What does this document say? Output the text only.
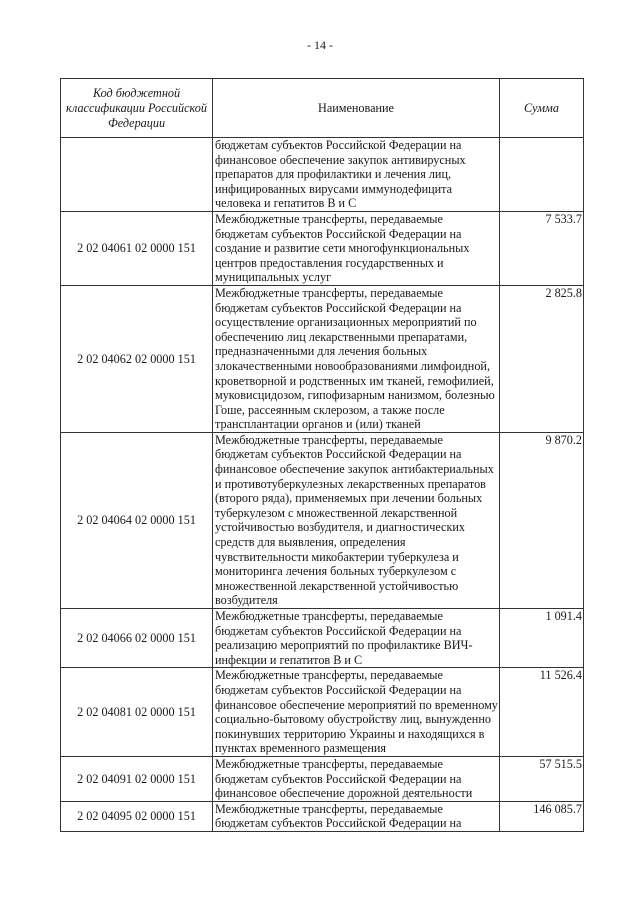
- 14 -
Код бюджетной классификации Российской Федерации	Наименование	Сумма
	бюджетам субъектов Российской Федерации на финансовое обеспечение закупок антивирусных препаратов для профилактики и лечения лиц, инфицированных вирусами иммунодефицита человека и гепатитов В и С	
2 02 04061 02 0000 151	Межбюджетные трансферты, передаваемые бюджетам субъектов Российской Федерации на создание и развитие сети многофункциональных центров предоставления государственных и муниципальных услуг	7 533.7
2 02 04062 02 0000 151	Межбюджетные трансферты, передаваемые бюджетам субъектов Российской Федерации на осуществление организационных мероприятий по обеспечению лиц лекарственными препаратами, предназначенными для лечения больных злокачественными новообразованиями лимфоидной, кроветворной и родственных им тканей, гемофилией, муковисцидозом, гипофизарным нанизмом, болезнью Гоше, рассеянным склерозом, а также после трансплантации органов и (или) тканей	2 825.8
2 02 04064 02 0000 151	Межбюджетные трансферты, передаваемые бюджетам субъектов Российской Федерации на финансовое обеспечение закупок антибактериальных и противотуберкулезных лекарственных препаратов (второго ряда), применяемых при лечении больных туберкулезом с множественной лекарственной устойчивостью возбудителя, и диагностических средств для выявления, определения чувствительности микобактерии туберкулеза и мониторинга лечения больных туберкулезом с множественной лекарственной устойчивостью возбудителя	9 870.2
2 02 04066 02 0000 151	Межбюджетные трансферты, передаваемые бюджетам субъектов Российской Федерации на реализацию мероприятий по профилактике ВИЧ-инфекции и гепатитов В и С	1 091.4
2 02 04081 02 0000 151	Межбюджетные трансферты, передаваемые бюджетам субъектов Российской Федерации на финансовое обеспечение мероприятий по временному социально-бытовому обустройству лиц, вынужденно покинувших территорию Украины и находящихся в пунктах временного размещения	11 526.4
2 02 04091 02 0000 151	Межбюджетные трансферты, передаваемые бюджетам субъектов Российской Федерации на финансовое обеспечение дорожной деятельности	57 515.5
2 02 04095 02 0000 151	Межбюджетные трансферты, передаваемые бюджетам субъектов Российской Федерации на	146 085.7
